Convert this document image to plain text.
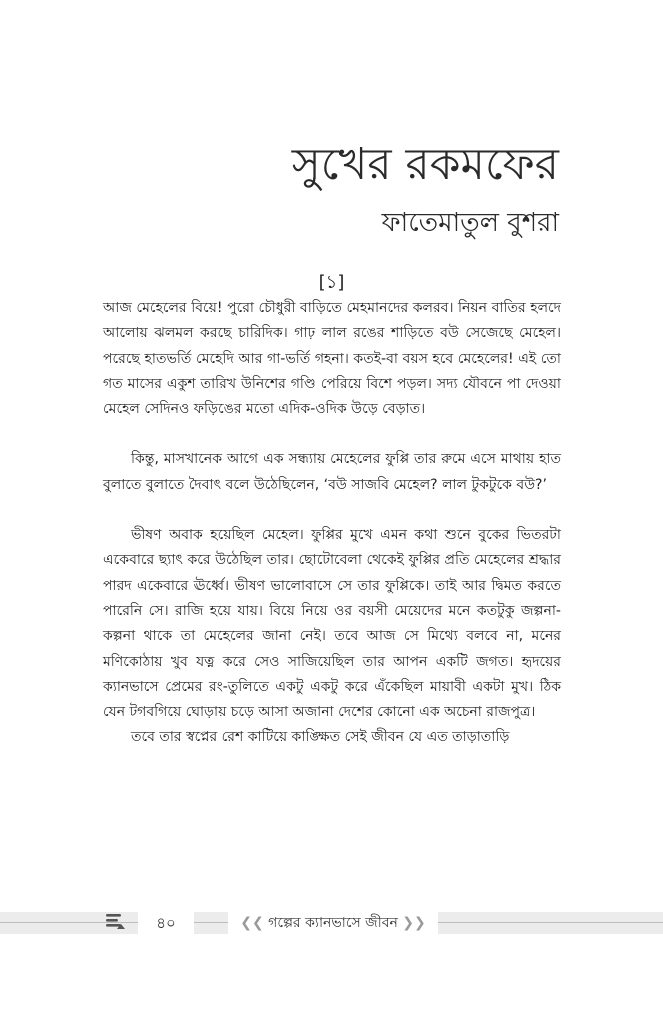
সুখের রকমফের
ফাতেমাতুল বুশরা
[১]

আজ মেহেলের বিয়ে! পুরো চৌধুরী বাড়িতে মেহমানদের কলরব। নিয়ন বাতির হলদে আলোয় ঝলমল করছে চারিদিক। গাঢ় লাল রঙের শাড়িতে বউ সেজেছে মেহেল। পরেছে হাতভর্তি মেহেদি আর গা-ভর্তি গহনা। কতই-বা বয়স হবে মেহেলের! এই তো গত মাসের একুশ তারিখ উনিশের গণ্ডি পেরিয়ে বিশে পড়ল। সদ্য যৌবনে পা দেওয়া মেহেল সেদিনও ফড়িঙের মতো এদিক-ওদিক উড়ে বেড়াত।

কিন্তু, মাসখানেক আগে এক সন্ধ্যায় মেহেলের ফুপ্পি তার রুমে এসে মাথায় হাত বুলাতে বুলাতে দৈবাৎ বলে উঠেছিলেন, ‘বউ সাজবি মেহেল? লাল টুকটুকে বউ?’

ভীষণ অবাক হয়েছিল মেহেল। ফুপ্পির মুখে এমন কথা শুনে বুকের ভিতরটা একেবারে ছ্যাৎ করে উঠেছিল তার। ছোটোবেলা থেকেই ফুপ্পির প্রতি মেহেলের শ্রদ্ধার পারদ একেবারে ঊর্ধ্বে। ভীষণ ভালোবাসে সে তার ফুপ্পিকে। তাই আর দ্বিমত করতে পারেনি সে। রাজি হয়ে যায়। বিয়ে নিয়ে ওর বয়সী মেয়েদের মনে কতটুকু জল্পনা-কল্পনা থাকে তা মেহেলের জানা নেই। তবে আজ সে মিথ্যে বলবে না, মনের মণিকোঠায় খুব যত্ন করে সেও সাজিয়েছিল তার আপন একটি জগত। হৃদয়ের ক্যানভাসে প্রেমের রং-তুলিতে একটু একটু করে এঁকেছিল মায়াবী একটা মুখ। ঠিক যেন টগবগিয়ে ঘোড়ায় চড়ে আসা অজানা দেশের কোনো এক অচেনা রাজপুত্র।

তবে তার স্বপ্নের রেশ কাটিয়ে কাঙ্ক্ষিত সেই জীবন যে এত তাড়াতাড়ি

৪০	❮❮ গল্পের ক্যানভাসে জীবন ❯❯
